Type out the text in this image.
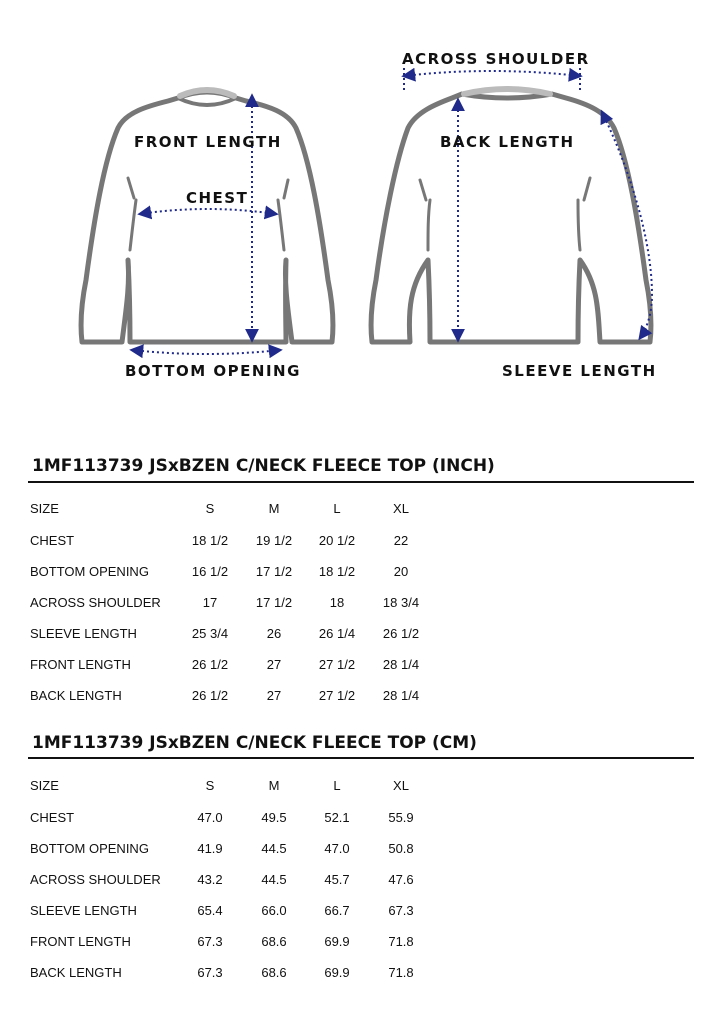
FRONT LENGTH
CHEST
BOTTOM OPENING
ACROSS SHOULDER
BACK LENGTH
SLEEVE LENGTH
1MF113739 JSxBZEN C/NECK FLEECE TOP (INCH)
SIZE	S	M	L	XL
CHEST	18 1/2	19 1/2	20 1/2	22
BOTTOM OPENING	16 1/2	17 1/2	18 1/2	20
ACROSS SHOULDER	17	17 1/2	18	18 3/4
SLEEVE LENGTH	25 3/4	26	26 1/4	26 1/2
FRONT LENGTH	26 1/2	27	27 1/2	28 1/4
BACK LENGTH	26 1/2	27	27 1/2	28 1/4
1MF113739 JSxBZEN C/NECK FLEECE TOP (CM)
SIZE	S	M	L	XL
CHEST	47.0	49.5	52.1	55.9
BOTTOM OPENING	41.9	44.5	47.0	50.8
ACROSS SHOULDER	43.2	44.5	45.7	47.6
SLEEVE LENGTH	65.4	66.0	66.7	67.3
FRONT LENGTH	67.3	68.6	69.9	71.8
BACK LENGTH	67.3	68.6	69.9	71.8
